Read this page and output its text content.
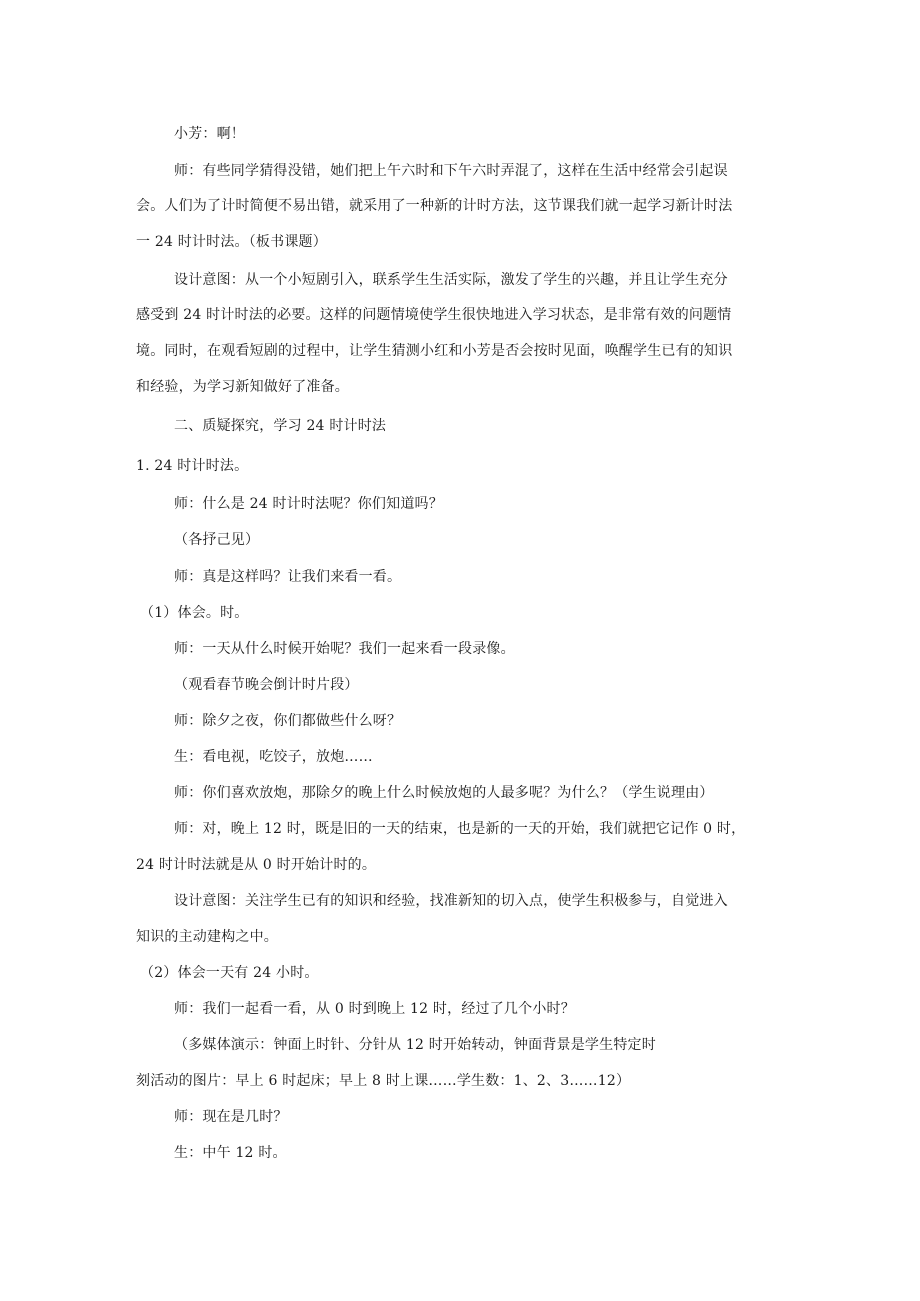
小芳：啊！
师：有些同学猜得没错，她们把上午六时和下午六时弄混了，这样在生活中经常会引起误
会。人们为了计时简便不易出错，就采用了一种新的计时方法，这节课我们就一起学习新计时法
一 24 时计时法。（板书课题）
设计意图：从一个小短剧引入，联系学生生活实际，激发了学生的兴趣，并且让学生充分
感受到 24 时计时法的必要。这样的问题情境使学生很快地进入学习状态，是非常有效的问题情
境。同时，在观看短剧的过程中，让学生猜测小红和小芳是否会按时见面，唤醒学生已有的知识
和经验，为学习新知做好了准备。
二、质疑探究，学习 24 时计时法
1. 24 时计时法。
师：什么是 24 时计时法呢？你们知道吗？
（各抒己见）
师：真是这样吗？让我们来看一看。
（1）体会。时。
师：一天从什么时候开始呢？我们一起来看一段录像。
（观看春节晚会倒计时片段）
师：除夕之夜，你们都做些什么呀？
生：看电视，吃饺子，放炮……
师：你们喜欢放炮，那除夕的晚上什么时候放炮的人最多呢？为什么？（学生说理由）
师：对，晚上 12 时，既是旧的一天的结束，也是新的一天的开始，我们就把它记作 0 时，
24 时计时法就是从 0 时开始计时的。
设计意图：关注学生已有的知识和经验，找准新知的切入点，使学生积极参与，自觉进入
知识的主动建构之中。
（2）体会一天有 24 小时。
师：我们一起看一看，从 0 时到晚上 12 时，经过了几个小时？
（多媒体演示：钟面上时针、分针从 12 时开始转动，钟面背景是学生特定时
刻活动的图片：早上 6 时起床；早上 8 时上课……学生数：1、2、3……12）
师：现在是几时？
生：中午 12 时。
